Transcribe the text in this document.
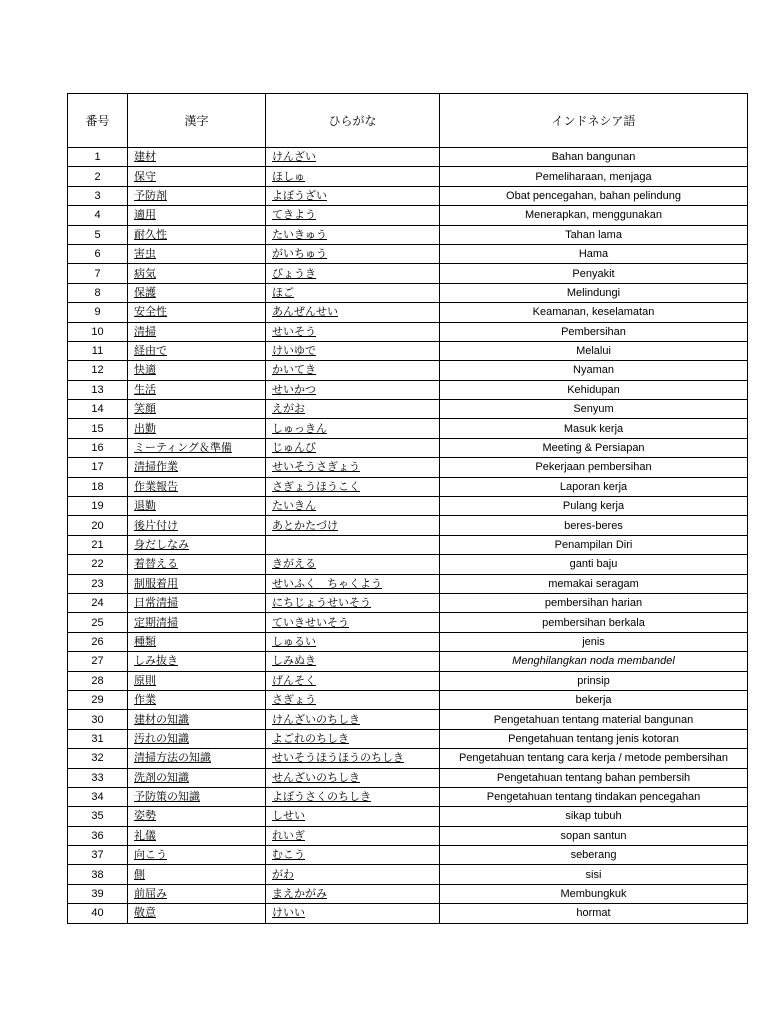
番号	漢字	ひらがな	インドネシア語
1	建材	けんざい	Bahan bangunan
2	保守	ほしゅ	Pemeliharaan, menjaga
3	予防剤	よぼうざい	Obat pencegahan, bahan pelindung
4	適用	てきよう	Menerapkan, menggunakan
5	耐久性	たいきゅう	Tahan lama
6	害虫	がいちゅう	Hama
7	病気	びょうき	Penyakit
8	保護	ほご	Melindungi
9	安全性	あんぜんせい	Keamanan, keselamatan
10	清掃	せいそう	Pembersihan
11	経由で	けいゆで	Melalui
12	快適	かいてき	Nyaman
13	生活	せいかつ	Kehidupan
14	笑顔	えがお	Senyum
15	出勤	しゅっきん	Masuk kerja
16	ミーティング＆準備	じゅんび	Meeting & Persiapan
17	清掃作業	せいそうさぎょう	Pekerjaan pembersihan
18	作業報告	さぎょうほうこく	Laporan kerja
19	退勤	たいきん	Pulang kerja
20	後片付け	あとかたづけ	beres-beres
21	身だしなみ		Penampilan Diri
22	着替える	きがえる	ganti baju
23	制服着用	せいふく　ちゃくよう	memakai seragam
24	日常清掃	にちじょうせいそう	pembersihan harian
25	定期清掃	ていきせいそう	pembersihan berkala
26	種類	しゅるい	jenis
27	しみ抜き	しみぬき	Menghilangkan noda membandel
28	原則	げんそく	prinsip
29	作業	さぎょう	bekerja
30	建材の知識	けんざいのちしき	Pengetahuan tentang material bangunan
31	汚れの知識	よごれのちしき	Pengetahuan tentang jenis kotoran
32	清掃方法の知識	せいそうほうほうのちしき	Pengetahuan tentang cara kerja / metode pembersihan
33	洗剤の知識	せんざいのちしき	Pengetahuan tentang bahan pembersih
34	予防策の知識	よぼうさくのちしき	Pengetahuan tentang tindakan pencegahan
35	姿勢	しせい	sikap tubuh
36	礼儀	れいぎ	sopan santun
37	向こう	むこう	seberang
38	側	がわ	sisi
39	前屈み	まえかがみ	Membungkuk
40	敬意	けいい	hormat
